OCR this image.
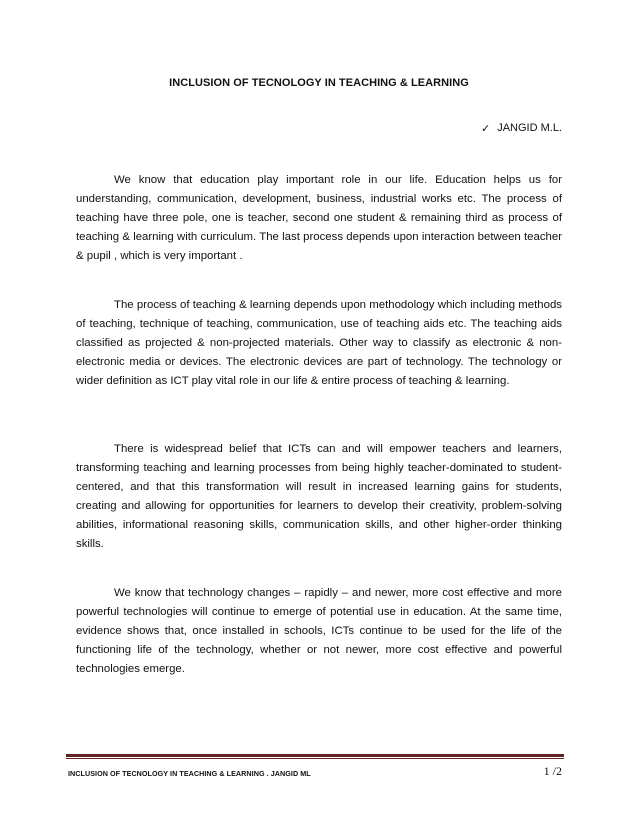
INCLUSION OF TECNOLOGY IN TEACHING & LEARNING
✓ JANGID M.L.

We know that education play important role in our life. Education helps us for understanding, communication, development, business, industrial works etc. The process of teaching have three pole, one is teacher, second one student & remaining third as process of teaching & learning with curriculum. The last process depends upon interaction between teacher & pupil , which is very important .

The process of teaching & learning depends upon methodology which including methods of teaching, technique of teaching, communication, use of teaching aids etc. The teaching aids classified as projected & non-projected materials. Other way to classify as electronic & non-electronic media or devices. The electronic devices are part of technology. The technology or wider definition as ICT play vital role in our life & entire process of teaching & learning.

There is widespread belief that ICTs can and will empower teachers and learners, transforming teaching and learning processes from being highly teacher-dominated to student-centered, and that this transformation will result in increased learning gains for students, creating and allowing for opportunities for learners to develop their creativity, problem-solving abilities, informational reasoning skills, communication skills, and other higher-order thinking skills.

We know that technology changes – rapidly – and newer, more cost effective and more powerful technologies will continue to emerge of potential use in education. At the same time, evidence shows that, once installed in schools, ICTs continue to be used for the life of the functioning life of the technology, whether or not newer, more cost effective and powerful technologies emerge.

INCLUSION OF TECNOLOGY IN TEACHING & LEARNING . JANGID ML	1 /2
